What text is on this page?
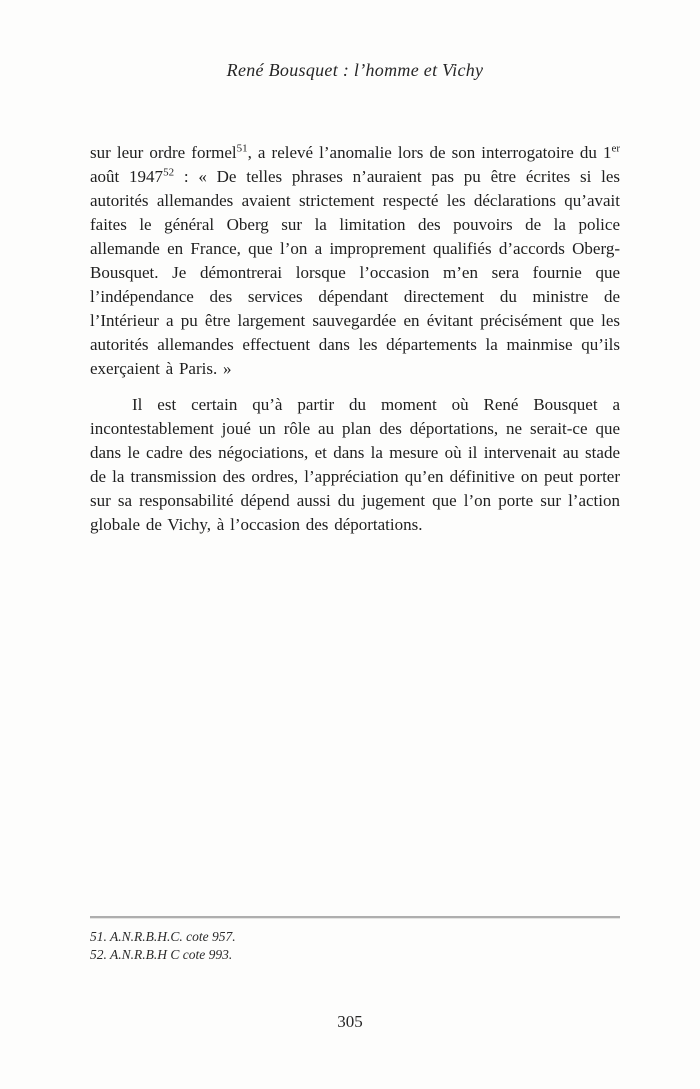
René Bousquet : l’homme et Vichy

sur leur ordre formel$^{51}$, a relevé l’anomalie lors de son interrogatoire du 1er août 1947$^{52}$ : « De telles phrases n’auraient pas pu être écrites si les autorités allemandes avaient strictement respecté les déclarations qu’avait faites le général Oberg sur la limitation des pouvoirs de la police allemande en France, que l’on a improprement qualifiés d’accords Oberg-Bousquet. Je démontrerai lorsque l’occasion m’en sera fournie que l’indépendance des services dépendant directement du ministre de l’Intérieur a pu être largement sauvegardée en évitant précisément que les autorités allemandes effectuent dans les départements la mainmise qu’ils exerçaient à Paris. »

Il est certain qu’à partir du moment où René Bousquet a incontestablement joué un rôle au plan des déportations, ne serait-ce que dans le cadre des négociations, et dans la mesure où il intervenait au stade de la transmission des ordres, l’appréciation qu’en définitive on peut porter sur sa responsabilité dépend aussi du jugement que l’on porte sur l’action globale de Vichy, à l’occasion des déportations.

51. A.N.R.B.H.C. cote 957.
52. A.N.R.B.H C cote 993.
305
